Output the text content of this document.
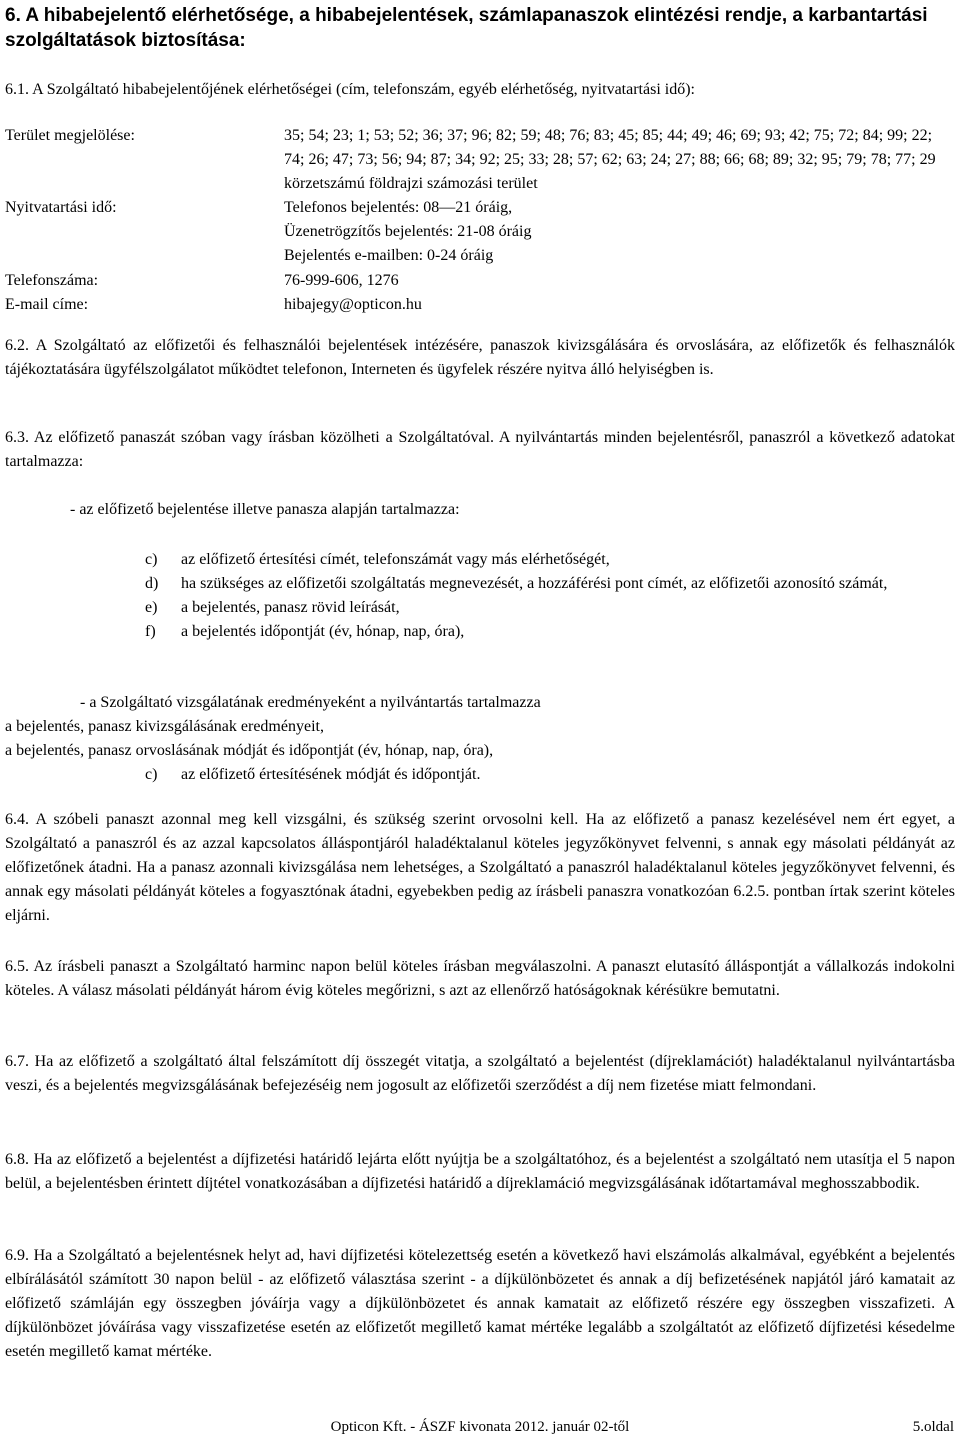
6. A hibabejelentő elérhetősége, a hibabejelentések, számlapanaszok elintézési rendje, a karbantartási szolgáltatások biztosítása:
6.1. A Szolgáltató hibabejelentőjének elérhetőségei (cím, telefonszám, egyéb elérhetőség, nyitvatartási idő):
Terület megjelölése:	35; 54; 23; 1; 53; 52; 36; 37; 96; 82; 59; 48; 76; 83; 45; 85; 44; 49; 46; 69; 93; 42; 75; 72; 84; 99; 22; 74; 26; 47; 73; 56; 94; 87; 34; 92; 25; 33; 28; 57; 62; 63; 24; 27; 88; 66; 68; 89; 32; 95; 79; 78; 77; 29 körzetszámú földrajzi számozási terület
Nyitvatartási idő:	Telefonos bejelentés: 08—21 óráig,
Üzenetrögzítős bejelentés: 21-08 óráig
Bejelentés e-mailben: 0-24 óráig
Telefonszáma:	76-999-606, 1276
E-mail címe:	hibajegy@opticon.hu

6.2. A Szolgáltató az előfizetői és felhasználói bejelentések intézésére, panaszok kivizsgálására és orvoslására, az előfizetők és felhasználók tájékoztatására ügyfélszolgálatot működtet telefonon, Interneten és ügyfelek részére nyitva álló helyiségben is.

6.3. Az előfizető panaszát szóban vagy írásban közölheti a Szolgáltatóval. A nyilvántartás minden bejelentésről, panaszról a következő adatokat tartalmazza:

- az előfizető bejelentése illetve panasza alapján tartalmazza:
c)	az előfizető értesítési címét, telefonszámát vagy más elérhetőségét,
d)	ha szükséges az előfizetői szolgáltatás megnevezését, a hozzáférési pont címét, az előfizetői azonosító számát,
e)	a bejelentés, panasz rövid leírását,
f)	a bejelentés időpontját (év, hónap, nap, óra),
- a Szolgáltató vizsgálatának eredményeként a nyilvántartás tartalmazza
a bejelentés, panasz kivizsgálásának eredményeit,
a bejelentés, panasz orvoslásának módját és időpontját (év, hónap, nap, óra),
c)	az előfizető értesítésének módját és időpontját.

6.4. A szóbeli panaszt azonnal meg kell vizsgálni, és szükség szerint orvosolni kell. Ha az előfizető a panasz kezelésével nem ért egyet, a Szolgáltató a panaszról és az azzal kapcsolatos álláspontjáról haladéktalanul köteles jegyzőkönyvet felvenni, s annak egy másolati példányát az előfizetőnek átadni. Ha a panasz azonnali kivizsgálása nem lehetséges, a Szolgáltató a panaszról haladéktalanul köteles jegyzőkönyvet felvenni, és annak egy másolati példányát köteles a fogyasztónak átadni, egyebekben pedig az írásbeli panaszra vonatkozóan 6.2.5. pontban írtak szerint köteles eljárni.

6.5. Az írásbeli panaszt a Szolgáltató harminc napon belül köteles írásban megválaszolni. A panaszt elutasító álláspontját a vállalkozás indokolni köteles. A válasz másolati példányát három évig köteles megőrizni, s azt az ellenőrző hatóságoknak kérésükre bemutatni.

6.7. Ha az előfizető a szolgáltató által felszámított díj összegét vitatja, a szolgáltató a bejelentést (díjreklamációt) haladéktalanul nyilvántartásba veszi, és a bejelentés megvizsgálásának befejezéséig nem jogosult az előfizetői szerződést a díj nem fizetése miatt felmondani.

6.8. Ha az előfizető a bejelentést a díjfizetési határidő lejárta előtt nyújtja be a szolgáltatóhoz, és a bejelentést a szolgáltató nem utasítja el 5 napon belül, a bejelentésben érintett díjtétel vonatkozásában a díjfizetési határidő a díjreklamáció megvizsgálásának időtartamával meghosszabbodik.

6.9. Ha a Szolgáltató a bejelentésnek helyt ad, havi díjfizetési kötelezettség esetén a következő havi elszámolás alkalmával, egyébként a bejelentés elbírálásától számított 30 napon belül - az előfizető választása szerint - a díjkülönbözetet és annak a díj befizetésének napjától járó kamatait az előfizető számláján egy összegben jóváírja vagy a díjkülönbözetet és annak kamatait az előfizető részére egy összegben visszafizeti. A díjkülönbözet jóváírása vagy visszafizetése esetén az előfizetőt megillető kamat mértéke legalább a szolgáltatót az előfizető díjfizetési késedelme esetén megillető kamat mértéke.

Opticon Kft. - ÁSZF kivonata 2012. január 02-től	5.oldal
